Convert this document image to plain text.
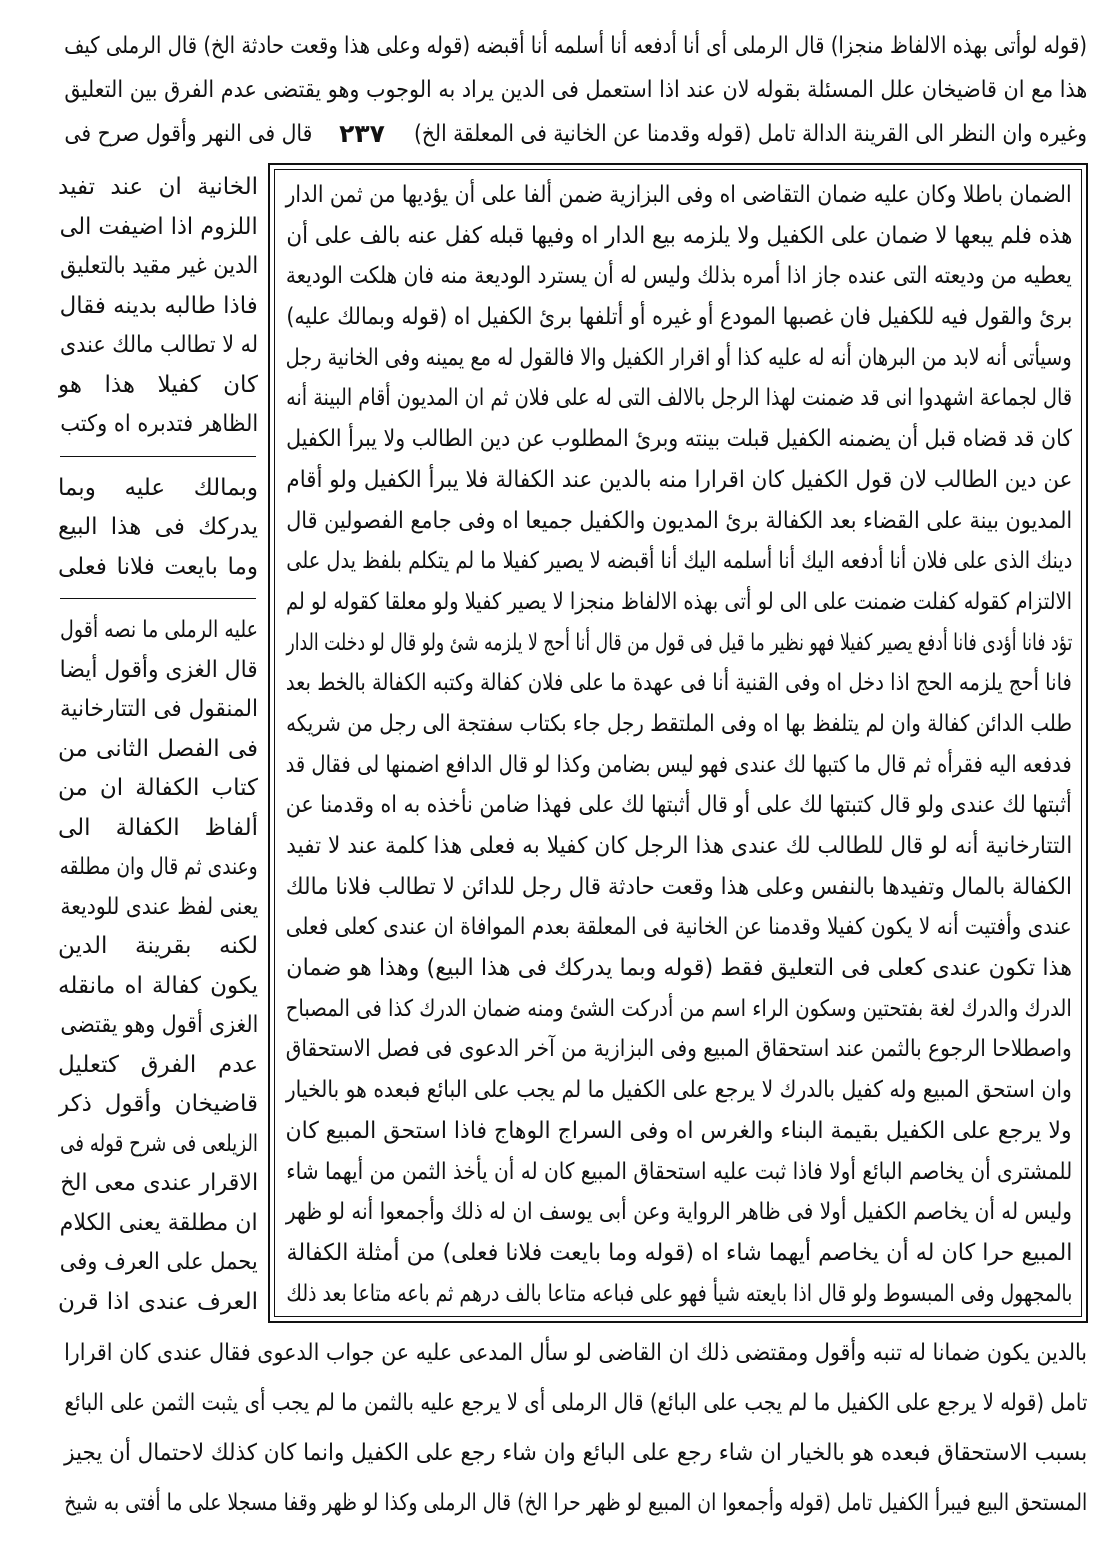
(قوله لوأتى بهذه الالفاظ منجزا) قال الرملى أى أنا أدفعه أنا أسلمه أنا أقبضه (قوله وعلى هذا وقعت حادثة الخ) قال الرملى كيف
هذا مع ان قاضيخان علل المسئلة بقوله لان عند اذا استعمل فى الدين يراد به الوجوب وهو يقتضى عدم الفرق بين التعليق
وغيره وان النظر الى القرينة الدالة تامل (قوله وقدمنا عن الخانية فى المعلقة الخ)
٢٣٧
قال فى النهر وأقول صرح فى
الخانية ان عند تفيد
اللزوم اذا اضيفت الى
الدين غير مقيد بالتعليق
فاذا طالبه بدينه فقال
له لا تطالب مالك عندى
كان كفيلا هذا هو
الظاهر فتدبره اه وكتب
وبمالك عليه وبما
يدركك فى هذا البيع
وما بايعت فلانا فعلى
عليه الرملى ما نصه أقول
قال الغزى وأقول أيضا
المنقول فى التتارخانية
فى الفصل الثانى من
كتاب الكفالة ان من
ألفاظ الكفالة الى
وعندى ثم قال وان مطلقه
يعنى لفظ عندى للوديعة
لكنه بقرينة الدين
يكون كفالة اه مانقله
الغزى أقول وهو يقتضى
عدم الفرق كتعليل
قاضيخان وأقول ذكر
الزيلعى فى شرح قوله فى
الاقرار عندى معى الخ
ان مطلقة يعنى الكلام
يحمل على العرف وفى
العرف عندى اذا قرن
الضمان باطلا وكان عليه ضمان التقاضى اه وفى البزازية ضمن ألفا على أن يؤديها من ثمن الدار
هذه فلم يبعها لا ضمان على الكفيل ولا يلزمه بيع الدار اه وفيها قبله كفل عنه بالف على أن
يعطيه من وديعته التى عنده جاز اذا أمره بذلك وليس له أن يسترد الوديعة منه فان هلكت الوديعة
برئ والقول فيه للكفيل فان غصبها المودع أو غيره أو أتلفها برئ الكفيل اه (قوله وبمالك عليه)
وسيأتى أنه لابد من البرهان أنه له عليه كذا أو اقرار الكفيل والا فالقول له مع يمينه وفى الخانية رجل
قال لجماعة اشهدوا انى قد ضمنت لهذا الرجل بالالف التى له على فلان ثم ان المديون أقام البينة أنه
كان قد قضاه قبل أن يضمنه الكفيل قبلت بينته وبرئ المطلوب عن دين الطالب ولا يبرأ الكفيل
عن دين الطالب لان قول الكفيل كان اقرارا منه بالدين عند الكفالة فلا يبرأ الكفيل ولو أقام
المديون بينة على القضاء بعد الكفالة برئ المديون والكفيل جميعا اه وفى جامع الفصولين قال
دينك الذى على فلان أنا أدفعه اليك أنا أسلمه اليك أنا أقبضه لا يصير كفيلا ما لم يتكلم بلفظ يدل على
الالتزام كقوله كفلت ضمنت على الى لو أتى بهذه الالفاظ منجزا لا يصير كفيلا ولو معلقا كقوله لو لم
تؤد فانا أؤدى فانا أدفع يصير كفيلا فهو نظير ما قيل فى قول من قال أنا أحج لا يلزمه شئ ولو قال لو دخلت الدار
فانا أحج يلزمه الحج اذا دخل اه وفى القنية أنا فى عهدة ما على فلان كفالة وكتبه الكفالة بالخط بعد
طلب الدائن كفالة وان لم يتلفظ بها اه وفى الملتقط رجل جاء بكتاب سفتجة الى رجل من شريكه
فدفعه اليه فقرأه ثم قال ما كتبها لك عندى فهو ليس بضامن وكذا لو قال الدافع اضمنها لى فقال قد
أثبتها لك عندى ولو قال كتبتها لك على أو قال أثبتها لك على فهذا ضامن نأخذه به اه وقدمنا عن
التتارخانية أنه لو قال للطالب لك عندى هذا الرجل كان كفيلا به فعلى هذا كلمة عند لا تفيد
الكفالة بالمال وتفيدها بالنفس وعلى هذا وقعت حادثة قال رجل للدائن لا تطالب فلانا مالك
عندى وأفتيت أنه لا يكون كفيلا وقدمنا عن الخانية فى المعلقة بعدم الموافاة ان عندى كعلى فعلى
هذا تكون عندى كعلى فى التعليق فقط (قوله وبما يدركك فى هذا البيع) وهذا هو ضمان
الدرك والدرك لغة بفتحتين وسكون الراء اسم من أدركت الشئ ومنه ضمان الدرك كذا فى المصباح
واصطلاحا الرجوع بالثمن عند استحقاق المبيع وفى البزازية من آخر الدعوى فى فصل الاستحقاق
وان استحق المبيع وله كفيل بالدرك لا يرجع على الكفيل ما لم يجب على البائع فبعده هو بالخيار
ولا يرجع على الكفيل بقيمة البناء والغرس اه وفى السراج الوهاج فاذا استحق المبيع كان
للمشترى أن يخاصم البائع أولا فاذا ثبت عليه استحقاق المبيع كان له أن يأخذ الثمن من أيهما شاء
وليس له أن يخاصم الكفيل أولا فى ظاهر الرواية وعن أبى يوسف ان له ذلك وأجمعوا أنه لو ظهر
المبيع حرا كان له أن يخاصم أيهما شاء اه (قوله وما بايعت فلانا فعلى) من أمثلة الكفالة
بالمجهول وفى المبسوط ولو قال اذا بايعته شيأ فهو على فباعه متاعا بالف درهم ثم باعه متاعا بعد ذلك
بالدين يكون ضمانا له تنبه وأقول ومقتضى ذلك ان القاضى لو سأل المدعى عليه عن جواب الدعوى فقال عندى كان اقرارا
تامل (قوله لا يرجع على الكفيل ما لم يجب على البائع) قال الرملى أى لا يرجع عليه بالثمن ما لم يجب أى يثبت الثمن على البائع
بسبب الاستحقاق فبعده هو بالخيار ان شاء رجع على البائع وان شاء رجع على الكفيل وانما كان كذلك لاحتمال أن يجيز
المستحق البيع فيبرأ الكفيل تامل (قوله وأجمعوا ان المبيع لو ظهر حرا الخ) قال الرملى وكذا لو ظهر وقفا مسجلا على ما أفتى به شيخ
